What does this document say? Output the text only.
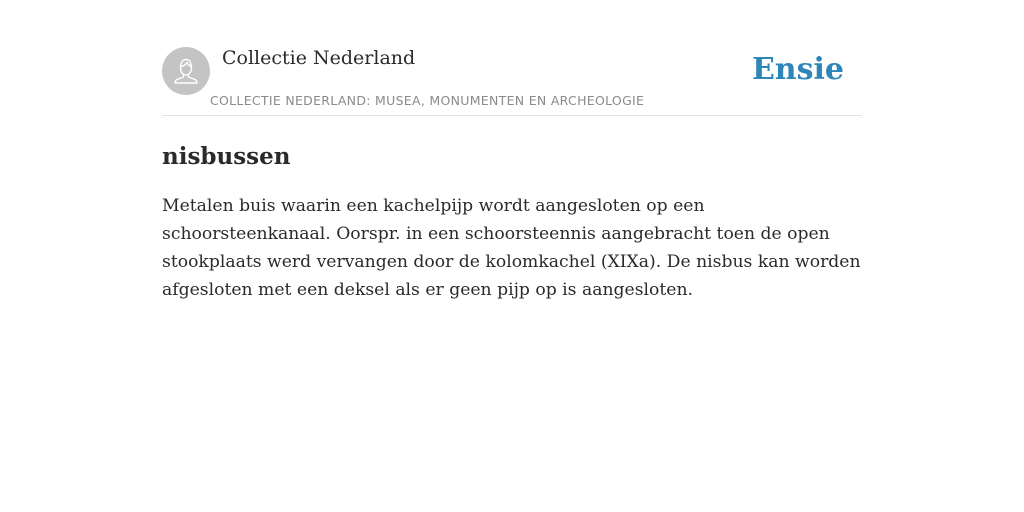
Collectie Nederland
COLLECTIE NEDERLAND: MUSEA, MONUMENTEN EN ARCHEOLOGIE
Ensie
nisbussen

Metalen buis waarin een kachelpijp wordt aangesloten op een schoorsteenkanaal. Oorspr. in een schoorsteennis aangebracht toen de open stookplaats werd vervangen door de kolomkachel (XIXa). De nisbus kan worden afgesloten met een deksel als er geen pijp op is aangesloten.
